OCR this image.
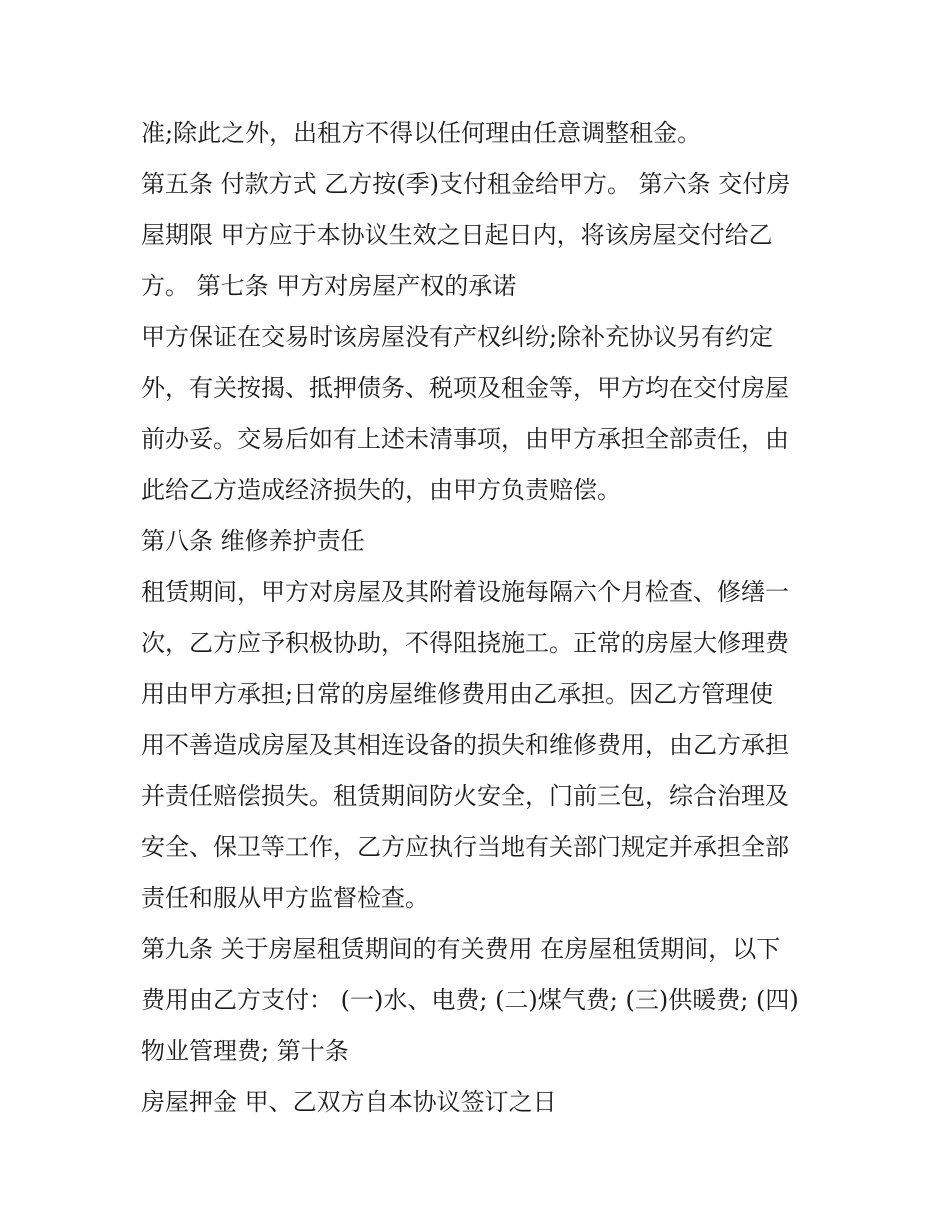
准;除此之外，出租方不得以任何理由任意调整租金。
第五条 付款方式 乙方按(季)支付租金给甲方。 第六条 交付房
屋期限 甲方应于本协议生效之日起日内，将该房屋交付给乙
方。 第七条 甲方对房屋产权的承诺
甲方保证在交易时该房屋没有产权纠纷;除补充协议另有约定
外，有关按揭、抵押债务、税项及租金等，甲方均在交付房屋
前办妥。交易后如有上述未清事项，由甲方承担全部责任，由
此给乙方造成经济损失的，由甲方负责赔偿。
第八条 维修养护责任
租赁期间，甲方对房屋及其附着设施每隔六个月检查、修缮一
次，乙方应予积极协助，不得阻挠施工。正常的房屋大修理费
用由甲方承担;日常的房屋维修费用由乙承担。因乙方管理使
用不善造成房屋及其相连设备的损失和维修费用，由乙方承担
并责任赔偿损失。租赁期间防火安全，门前三包，综合治理及
安全、保卫等工作，乙方应执行当地有关部门规定并承担全部
责任和服从甲方监督检查。
第九条 关于房屋租赁期间的有关费用 在房屋租赁期间，以下
费用由乙方支付： (一)水、电费; (二)煤气费; (三)供暖费; (四)
物业管理费; 第十条
房屋押金 甲、乙双方自本协议签订之日
